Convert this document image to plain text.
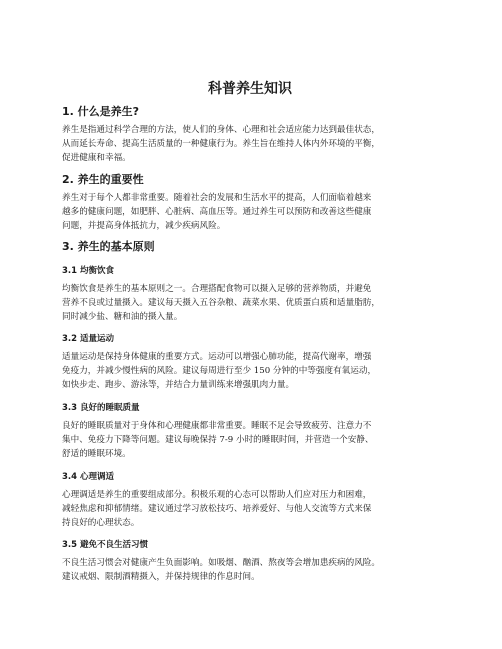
科普养生知识
1. 什么是养生?

养生是指通过科学合理的方法，使人们的身体、心理和社会适应能力达到最佳状态，
从而延长寿命、提高生活质量的一种健康行为。养生旨在维持人体内外环境的平衡，
促进健康和幸福。

2. 养生的重要性

养生对于每个人都非常重要。随着社会的发展和生活水平的提高，人们面临着越来
越多的健康问题，如肥胖、心脏病、高血压等。通过养生可以预防和改善这些健康
问题，并提高身体抵抗力，减少疾病风险。

3. 养生的基本原则
3.1 均衡饮食

均衡饮食是养生的基本原则之一。合理搭配食物可以摄入足够的营养物质，并避免
营养不良或过量摄入。建议每天摄入五谷杂粮、蔬菜水果、优质蛋白质和适量脂肪，
同时减少盐、糖和油的摄入量。

3.2 适量运动

适量运动是保持身体健康的重要方式。运动可以增强心肺功能，提高代谢率，增强
免疫力，并减少慢性病的风险。建议每周进行至少 150 分钟的中等强度有氧运动，
如快步走、跑步、游泳等，并结合力量训练来增强肌肉力量。

3.3 良好的睡眠质量

良好的睡眠质量对于身体和心理健康都非常重要。睡眠不足会导致疲劳、注意力不
集中、免疫力下降等问题。建议每晚保持 7-9 小时的睡眠时间，并营造一个安静、
舒适的睡眠环境。

3.4 心理调适

心理调适是养生的重要组成部分。积极乐观的心态可以帮助人们应对压力和困难，
减轻焦虑和抑郁情绪。建议通过学习放松技巧、培养爱好、与他人交流等方式来保
持良好的心理状态。

3.5 避免不良生活习惯

不良生活习惯会对健康产生负面影响。如吸烟、酗酒、熬夜等会增加患疾病的风险。
建议戒烟、限制酒精摄入，并保持规律的作息时间。
